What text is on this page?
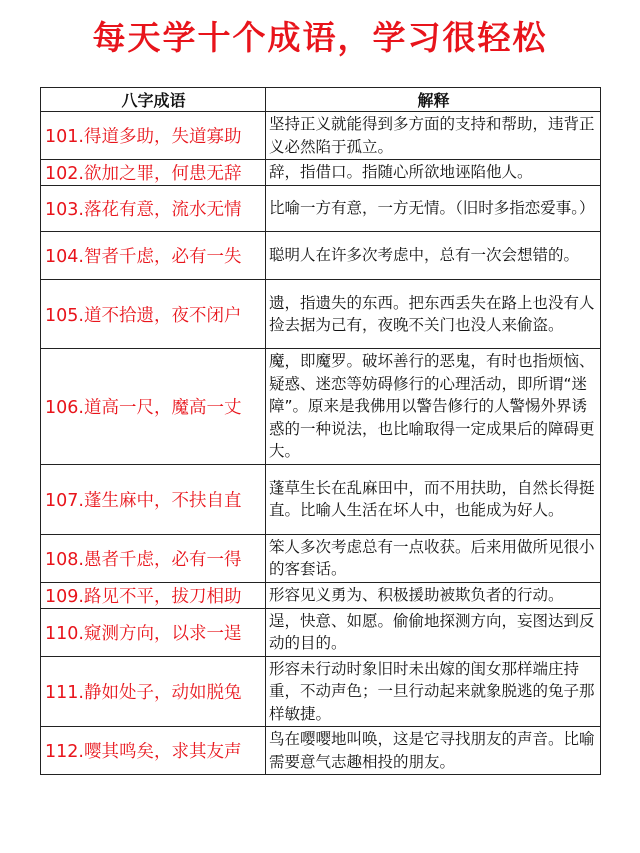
每天学十个成语，学习很轻松
八字成语	解释
101.得道多助，失道寡助	坚持正义就能得到多方面的支持和帮助，违背正义必然陷于孤立。
102.欲加之罪，何患无辞	辞，指借口。指随心所欲地诬陷他人。
103.落花有意，流水无情	比喻一方有意，一方无情。（旧时多指恋爱事。）
104.智者千虑，必有一失	聪明人在许多次考虑中，总有一次会想错的。
105.道不拾遗，夜不闭户	遗，指遗失的东西。把东西丢失在路上也没有人捡去据为己有，夜晚不关门也没人来偷盗。
106.道高一尺，魔高一丈	魔，即魔罗。破坏善行的恶鬼，有时也指烦恼、疑惑、迷恋等妨碍修行的心理活动，即所谓“迷障”。原来是我佛用以警告修行的人警惕外界诱惑的一种说法，也比喻取得一定成果后的障碍更大。
107.蓬生麻中，不扶自直	蓬草生长在乱麻田中，而不用扶助，自然长得挺直。比喻人生活在坏人中，也能成为好人。
108.愚者千虑，必有一得	笨人多次考虑总有一点收获。后来用做所见很小的客套话。
109.路见不平，拔刀相助	形容见义勇为、积极援助被欺负者的行动。
110.窥测方向，以求一逞	逞，快意、如愿。偷偷地探测方向，妄图达到反动的目的。
111.静如处子，动如脱兔	形容未行动时象旧时未出嫁的闺女那样端庄持重，不动声色；一旦行动起来就象脱逃的兔子那样敏捷。
112.嘤其鸣矣，求其友声	鸟在嘤嘤地叫唤，这是它寻找朋友的声音。比喻需要意气志趣相投的朋友。
